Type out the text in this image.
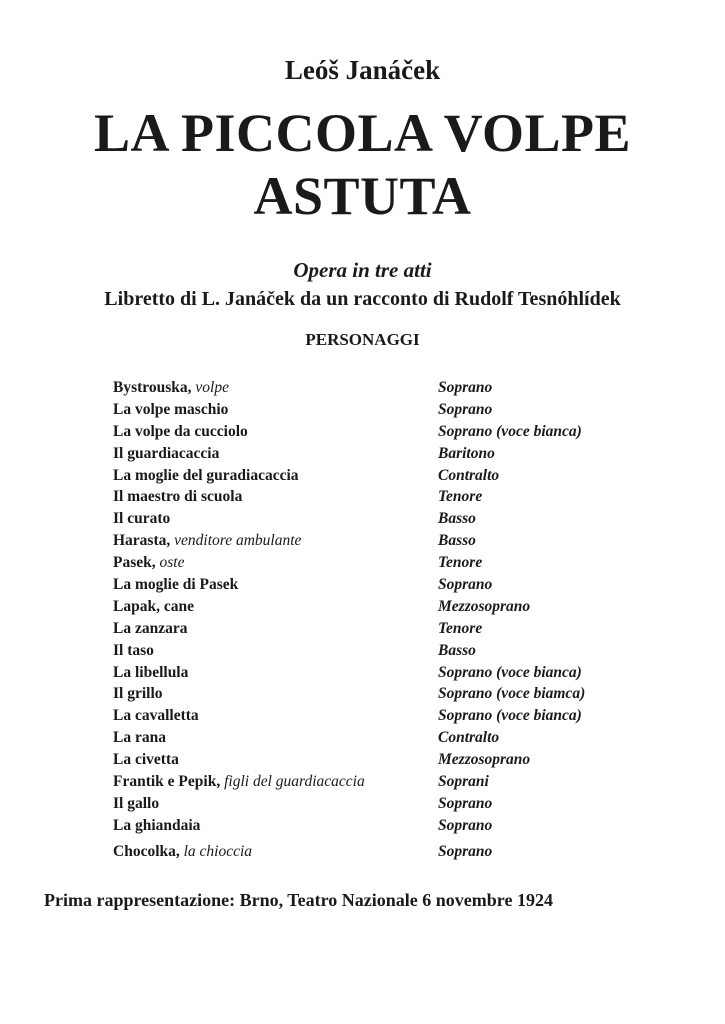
Leóš Janáček
LA PICCOLA VOLPE
ASTUTA
Opera in tre atti
Libretto di L. Janáček da un racconto di Rudolf Tesnóhlídek
PERSONAGGI
Bystrouska, volpe	Soprano
La volpe maschio	Soprano
La volpe da cucciolo	Soprano (voce bianca)
Il guardiacaccia	Baritono
La moglie del guradiacaccia	Contralto
Il maestro di scuola	Tenore
Il curato	Basso
Harasta, venditore ambulante	Basso
Pasek, oste	Tenore
La moglie di Pasek	Soprano
Lapak, cane	Mezzosoprano
La zanzara	Tenore
Il taso	Basso
La libellula	Soprano (voce bianca)
Il grillo	Soprano (voce biamca)
La cavalletta	Soprano (voce bianca)
La rana	Contralto
La civetta	Mezzosoprano
Frantik e Pepik, figli del guardiacaccia	Soprani
Il gallo	Soprano
La ghiandaia	Soprano
Chocolka, la chioccia	Soprano
Prima rappresentazione: Brno, Teatro Nazionale 6 novembre 1924
